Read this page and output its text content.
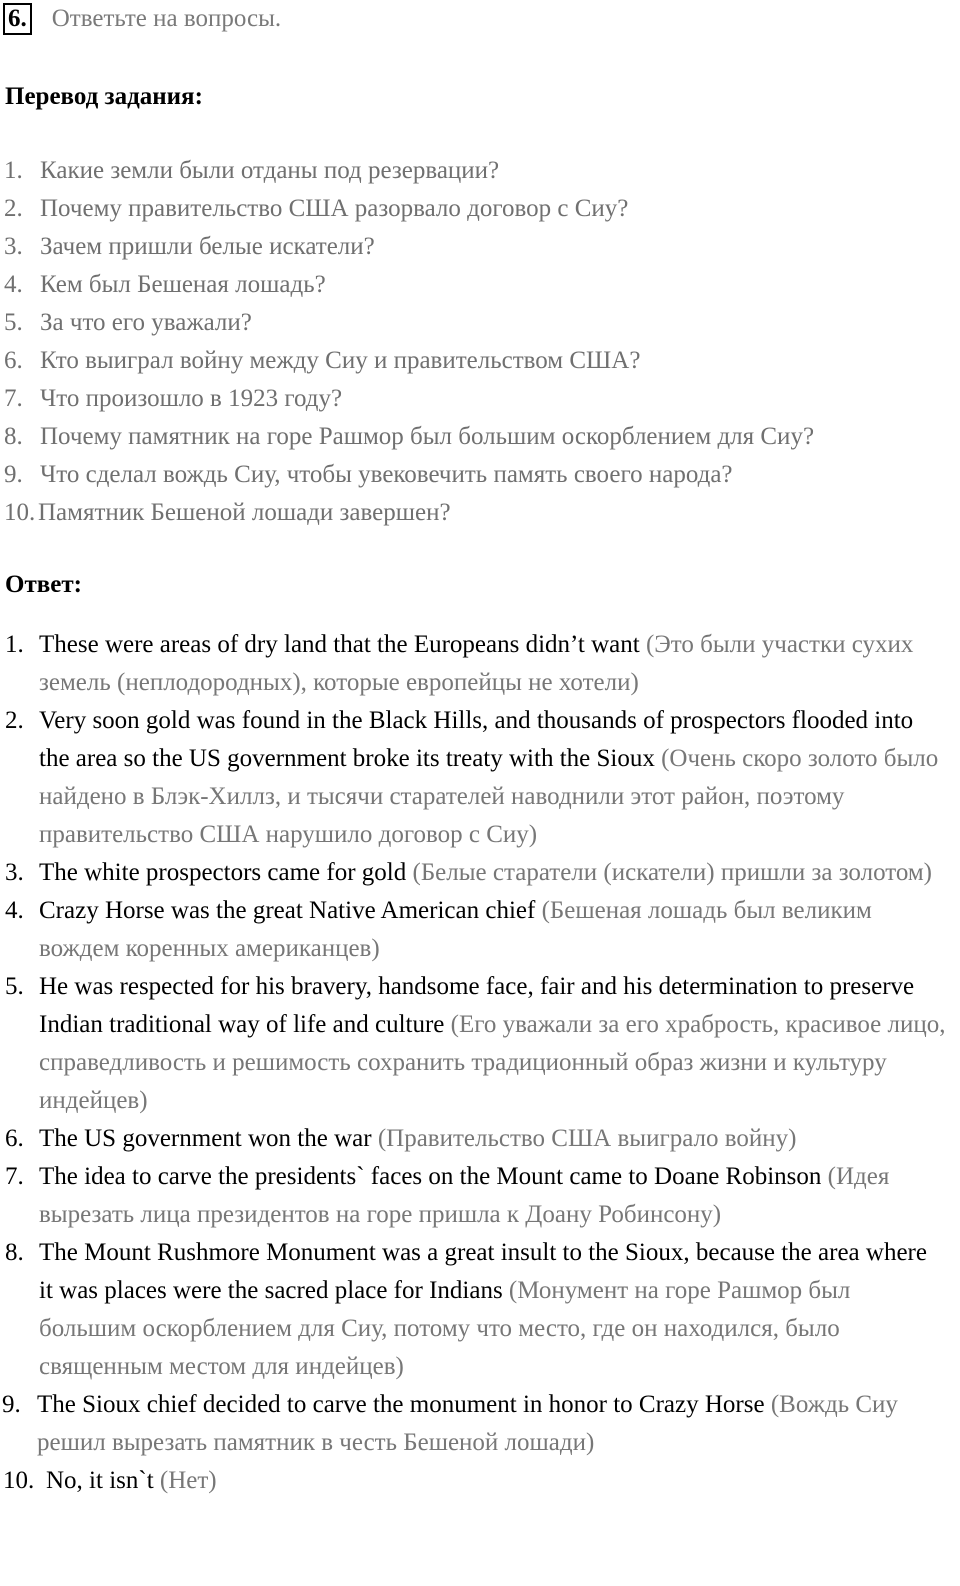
6. Ответьте на вопросы.
Перевод задания:
1. Какие земли были отданы под резервации?
2. Почему правительство США разорвало договор с Сиу?
3. Зачем пришли белые искатели?
4. Кем был Бешеная лошадь?
5. За что его уважали?
6. Кто выиграл войну между Сиу и правительством США?
7. Что произошло в 1923 году?
8. Почему памятник на горе Рашмор был большим оскорблением для Сиу?
9. Что сделал вождь Сиу, чтобы увековечить память своего народа?
10. Памятник Бешеной лошади завершен?
Ответ:
1. These were areas of dry land that the Europeans didn’t want (Это были участки сухих земель (неплодородных), которые европейцы не хотели)
2. Very soon gold was found in the Black Hills, and thousands of prospectors flooded into the area so the US government broke its treaty with the Sioux (Очень скоро золото было найдено в Блэк-Хиллз, и тысячи старателей наводнили этот район, поэтому правительство США нарушило договор с Сиу)
3. The white prospectors came for gold (Белые старатели (искатели) пришли за золотом)
4. Crazy Horse was the great Native American chief (Бешеная лошадь был великим вождем коренных американцев)
5. He was respected for his bravery, handsome face, fair and his determination to preserve Indian traditional way of life and culture (Его уважали за его храбрость, красивое лицо, справедливость и решимость сохранить традиционный образ жизни и культуру индейцев)
6. The US government won the war (Правительство США выиграло войну)
7. The idea to carve the presidents` faces on the Mount came to Doane Robinson (Идея вырезать лица президентов на горе пришла к Доану Робинсону)
8. The Mount Rushmore Monument was a great insult to the Sioux, because the area where it was places were the sacred place for Indians (Монумент на горе Рашмор был большим оскорблением для Сиу, потому что место, где он находился, было священным местом для индейцев)
9. The Sioux chief decided to carve the monument in honor to Crazy Horse (Вождь Сиу решил вырезать памятник в честь Бешеной лошади)
10. No, it isn`t (Нет)
